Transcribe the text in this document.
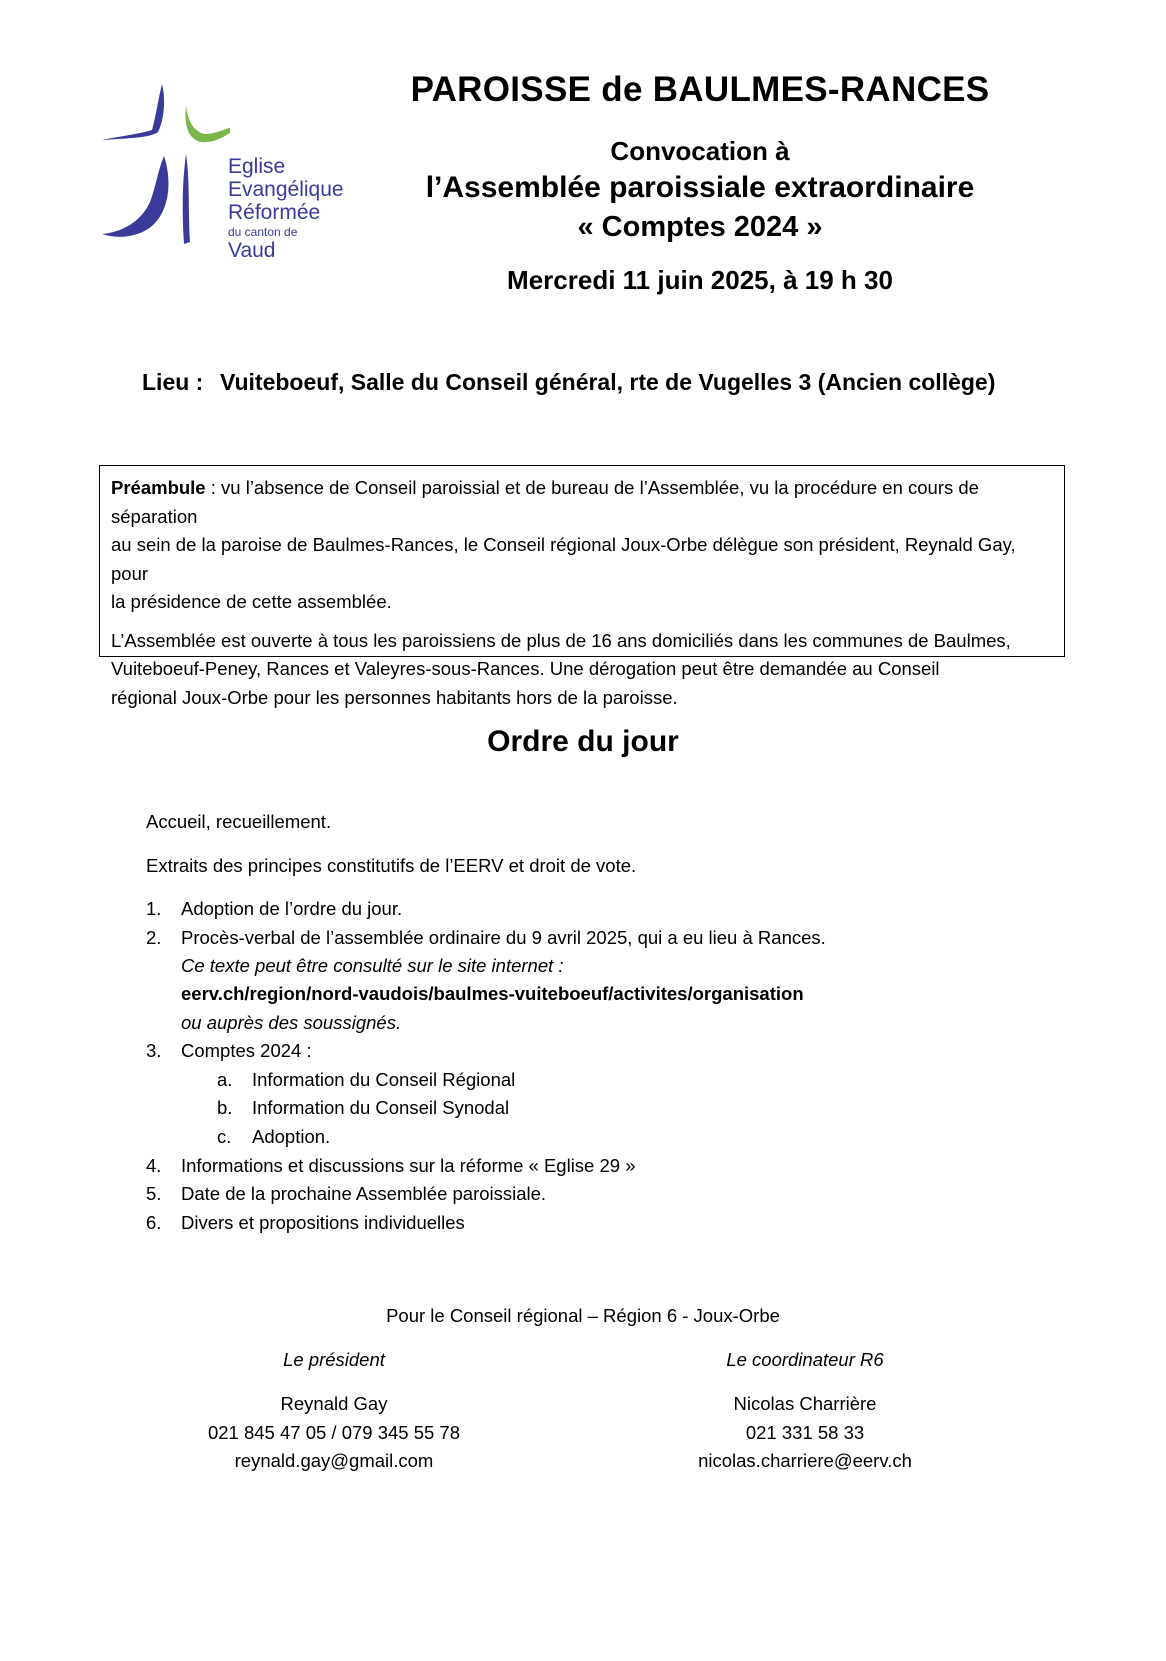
Eglise
Evangélique
Réformée
du canton de
Vaud
PAROISSE de BAULMES-RANCES
Convocation à
l’Assemblée paroissiale extraordinaire
« Comptes 2024 »
Mercredi 11 juin 2025, à 19 h 30
Lieu : Vuiteboeuf, Salle du Conseil général, rte de Vugelles 3 (Ancien collège)

Préambule : vu l’absence de Conseil paroissial et de bureau de l’Assemblée, vu la procédure en cours de séparation
au sein de la paroise de Baulmes-Rances, le Conseil régional Joux-Orbe délègue son président, Reynald Gay, pour
la présidence de cette assemblée.

L’Assemblée est ouverte à tous les paroissiens de plus de 16 ans domiciliés dans les communes de Baulmes,
Vuiteboeuf-Peney, Rances et Valeyres-sous-Rances. Une dérogation peut être demandée au Conseil
régional Joux-Orbe pour les personnes habitants hors de la paroisse.

Ordre du jour
Accueil, recueillement.
Extraits des principes constitutifs de l’EERV et droit de vote.
1. Adoption de l’ordre du jour.
2. Procès-verbal de l’assemblée ordinaire du 9 avril 2025, qui a eu lieu à Rances.
Ce texte peut être consulté sur le site internet :
eerv.ch/region/nord-vaudois/baulmes-vuiteboeuf/activites/organisation
ou auprès des soussignés.
3. Comptes 2024 :
a. Information du Conseil Régional
b. Information du Conseil Synodal
c. Adoption.
4. Informations et discussions sur la réforme « Eglise 29 »
5. Date de la prochaine Assemblée paroissiale.
6. Divers et propositions individuelles
Pour le Conseil régional – Région 6 - Joux-Orbe
Le président
Reynald Gay
021 845 47 05 / 079 345 55 78
reynald.gay@gmail.com
Le coordinateur R6
Nicolas Charrière
021 331 58 33
nicolas.charriere@eerv.ch
